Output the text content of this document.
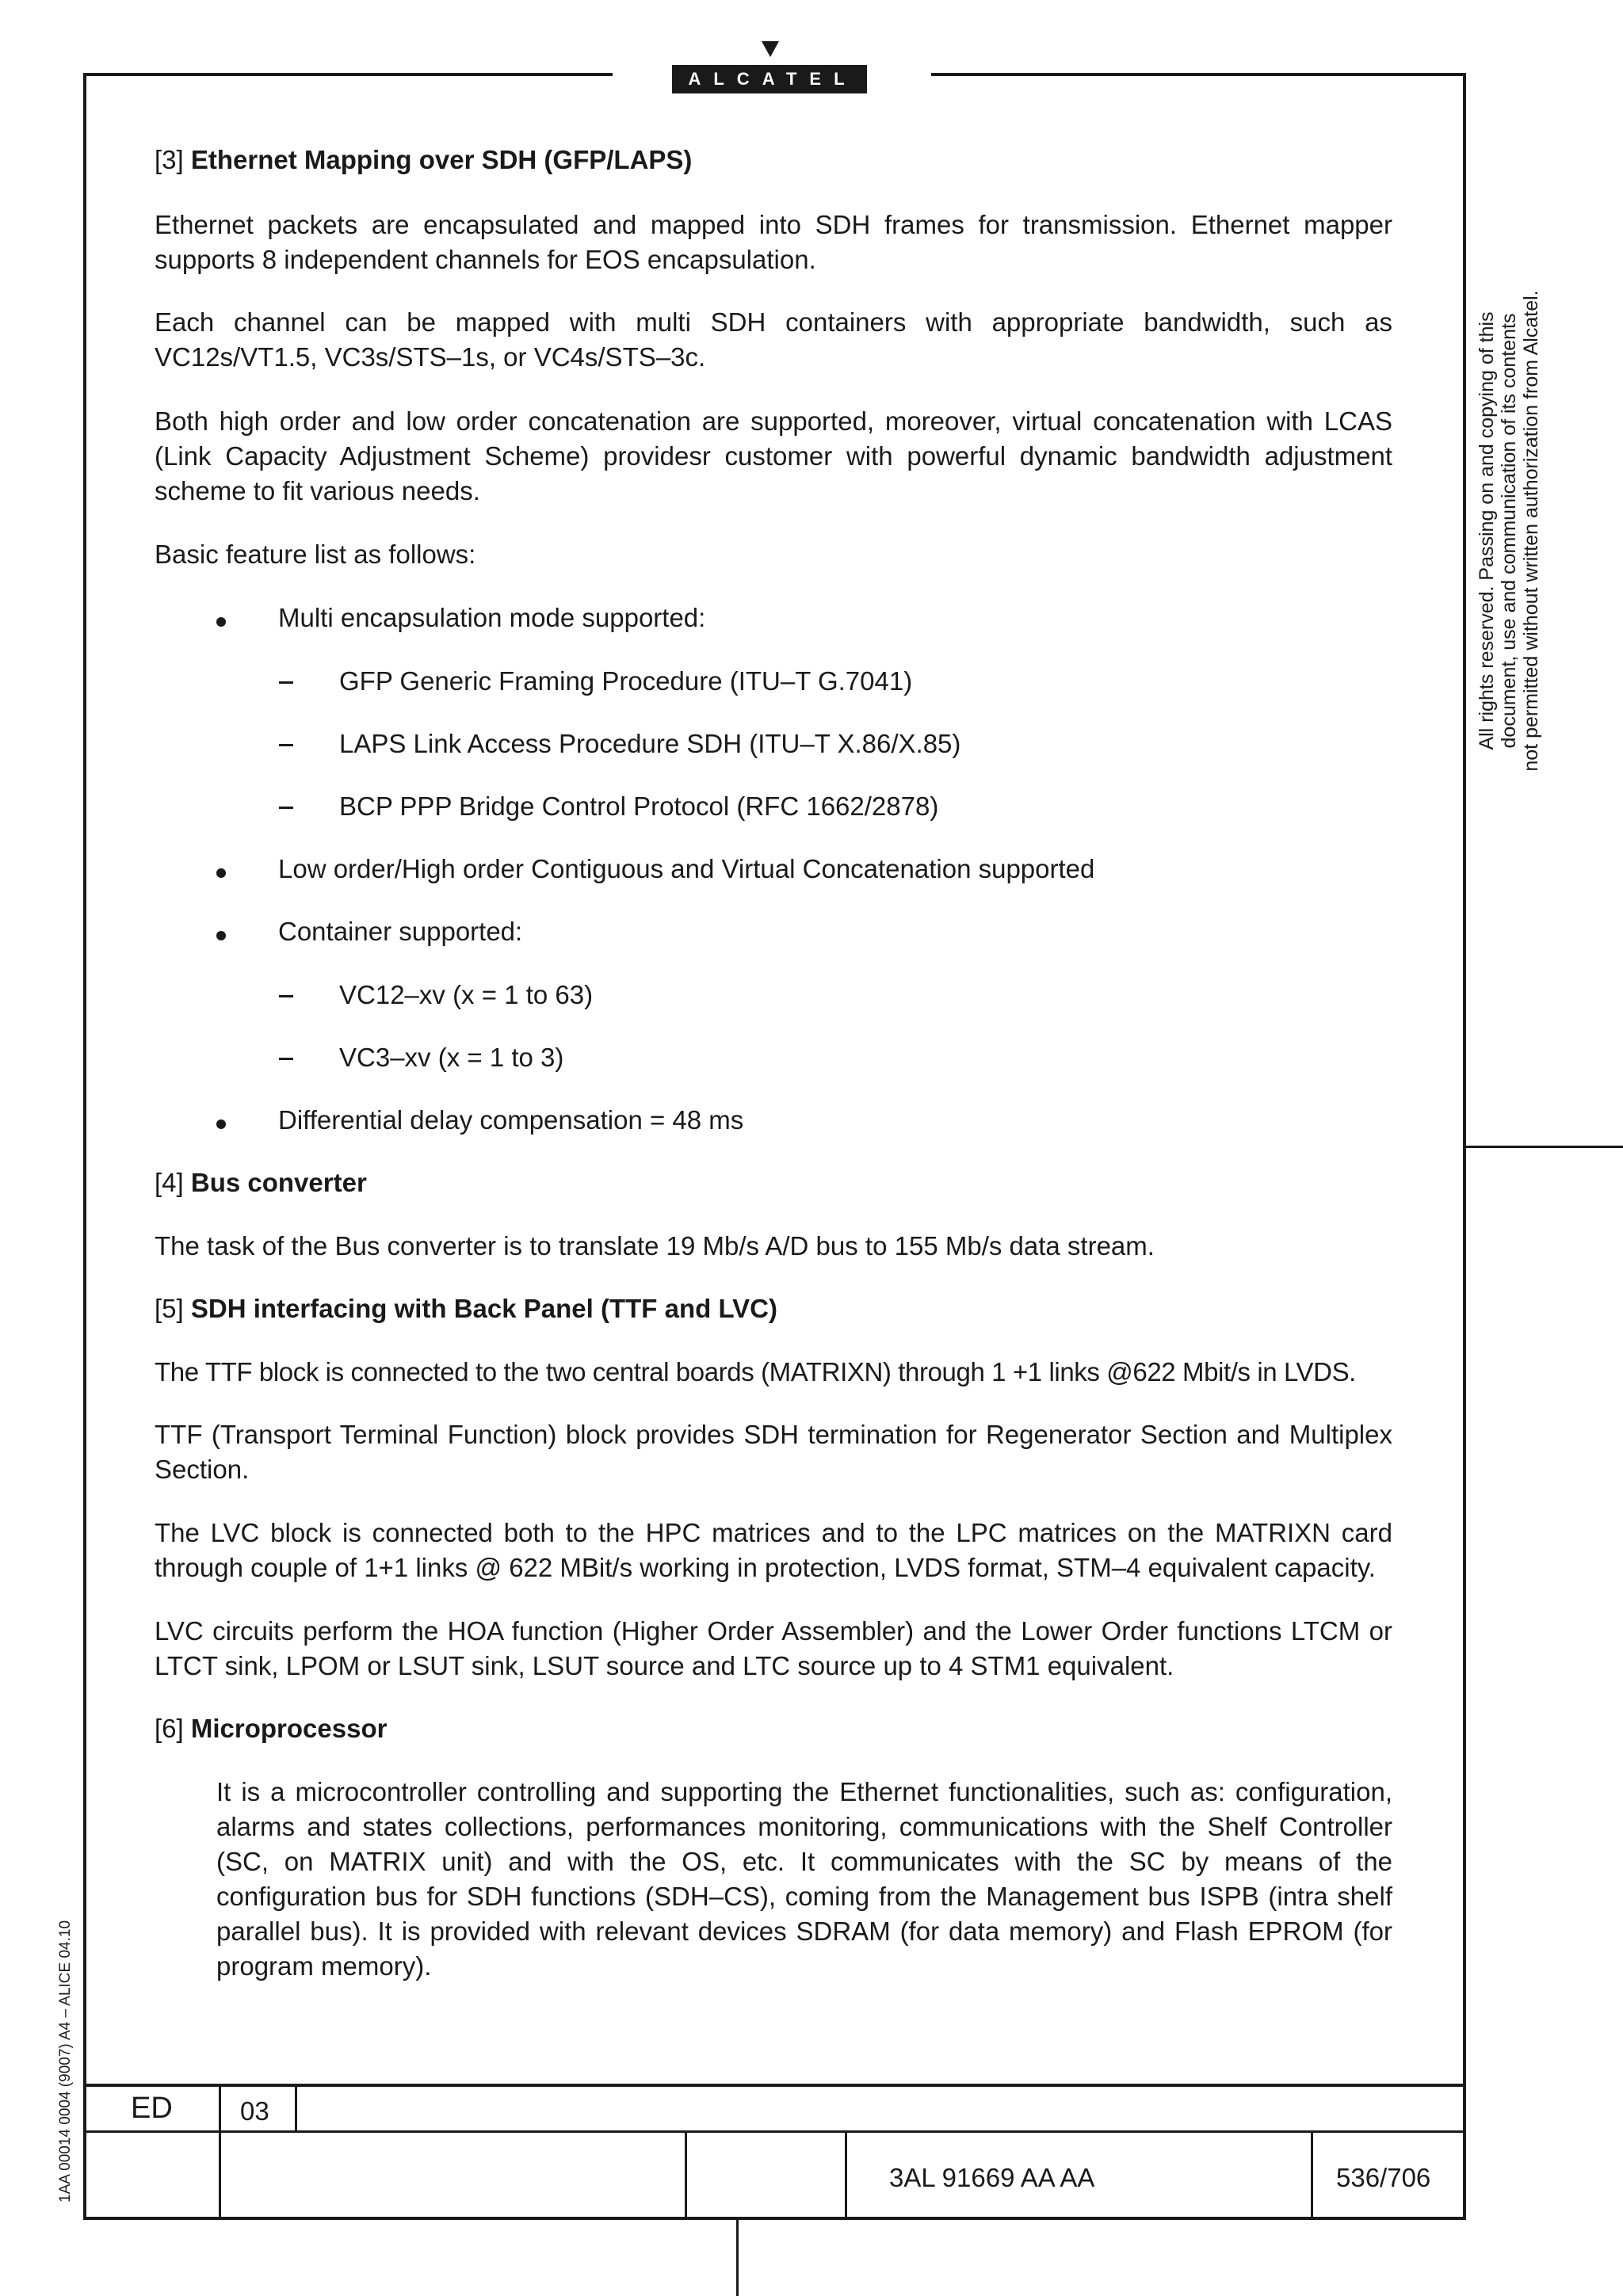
ALCATEL
All rights reserved. Passing on and copying of this document, use and communication of its contents not permitted without written authorization from Alcatel.
1AA 00014 0004 (9007) A4 – ALICE 04.10

[3] Ethernet Mapping over SDH (GFP/LAPS)

Ethernet packets are encapsulated and mapped into SDH frames for transmission. Ethernet mapper supports 8 independent channels for EOS encapsulation.

Each channel can be mapped with multi SDH containers with appropriate bandwidth, such as VC12s/VT1.5, VC3s/STS–1s, or VC4s/STS–3c.

Both high order and low order concatenation are supported, moreover, virtual concatenation with LCAS (Link Capacity Adjustment Scheme) providesr customer with powerful dynamic bandwidth adjustment scheme to fit various needs.

Basic feature list as follows:

Multi encapsulation mode supported:

GFP Generic Framing Procedure (ITU–T G.7041)

LAPS Link Access Procedure SDH (ITU–T X.86/X.85)

BCP PPP Bridge Control Protocol (RFC 1662/2878)

Low order/High order Contiguous and Virtual Concatenation supported

Container supported:

VC12–xv (x = 1 to 63)

VC3–xv (x = 1 to 3)

Differential delay compensation = 48 ms

[4] Bus converter

The task of the Bus converter is to translate 19 Mb/s A/D bus to 155 Mb/s data stream.

[5] SDH interfacing with Back Panel (TTF and LVC)

The TTF block is connected to the two central boards (MATRIXN) through 1 +1 links @622 Mbit/s in LVDS.

TTF (Transport Terminal Function) block provides SDH termination for Regenerator Section and Multiplex Section.

The LVC block is connected both to the HPC matrices and to the LPC matrices on the MATRIXN card through couple of 1+1 links @ 622 MBit/s working in protection, LVDS format, STM–4 equivalent capacity.

LVC circuits perform the HOA function (Higher Order Assembler) and the Lower Order functions LTCM or LTCT sink, LPOM or LSUT sink, LSUT source and LTC source up to 4 STM1 equivalent.

[6] Microprocessor

It is a microcontroller controlling and supporting the Ethernet functionalities, such as: configuration, alarms and states collections, performances monitoring, communications with the Shelf Controller (SC, on MATRIX unit) and with the OS, etc. It communicates with the SC by means of the configuration bus for SDH functions (SDH–CS), coming from the Management bus ISPB (intra shelf parallel bus). It is provided with relevant devices SDRAM (for data memory) and Flash EPROM (for program memory).

ED	03
3AL 91669 AA AA	536/706
